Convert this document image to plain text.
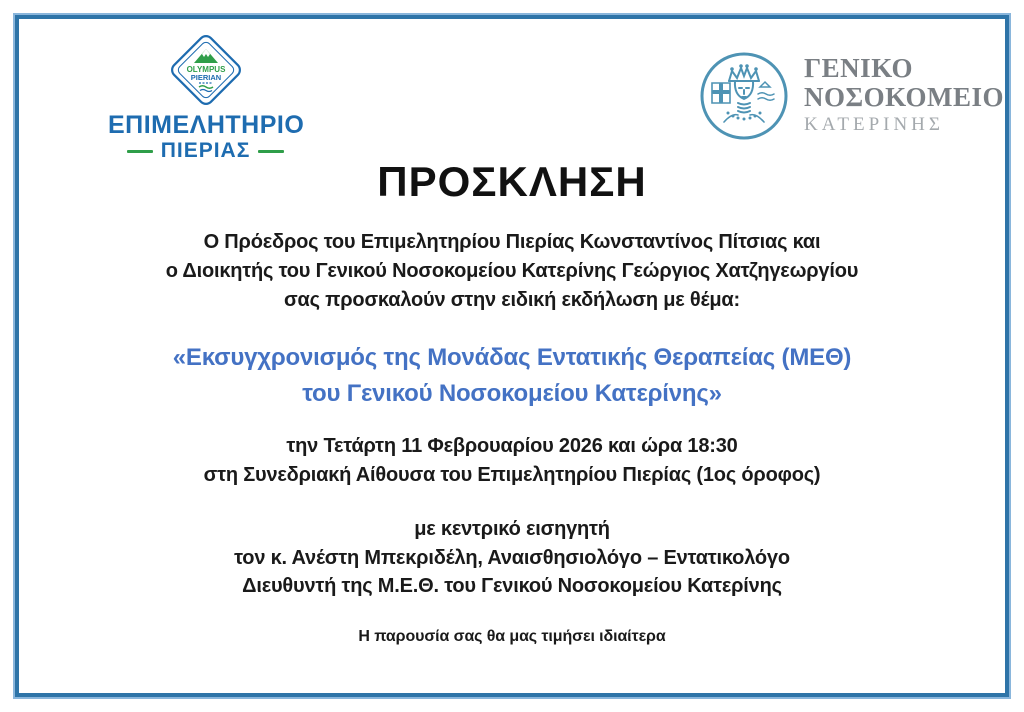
OLYMPUS
PIERIAN
ΕΠΙΜΕΛΗΤΗΡΙΟ
ΠΙΕΡΙΑΣ
ΓΕΝΙΚΟ
ΝΟΣΟΚΟΜΕΙΟ
ΚΑΤΕΡΙΝΗΣ
ΠΡΟΣΚΛΗΣΗ
Ο Πρόεδρος του Επιμελητηρίου Πιερίας Κωνσταντίνος Πίτσιας και
ο Διοικητής του Γενικού Νοσοκομείου Κατερίνης Γεώργιος Χατζηγεωργίου
σας προσκαλούν στην ειδική εκδήλωση με θέμα:
«Εκσυγχρονισμός της Μονάδας Εντατικής Θεραπείας (ΜΕΘ)
του Γενικού Νοσοκομείου Κατερίνης»
την Τετάρτη 11 Φεβρουαρίου 2026 και ώρα 18:30
στη Συνεδριακή Αίθουσα του Επιμελητηρίου Πιερίας (1ος όροφος)
με κεντρικό εισηγητή
τον κ. Ανέστη Μπεκριδέλη, Αναισθησιολόγο – Εντατικολόγο
Διευθυντή της Μ.Ε.Θ. του Γενικού Νοσοκομείου Κατερίνης
Η παρουσία σας θα μας τιμήσει ιδιαίτερα
